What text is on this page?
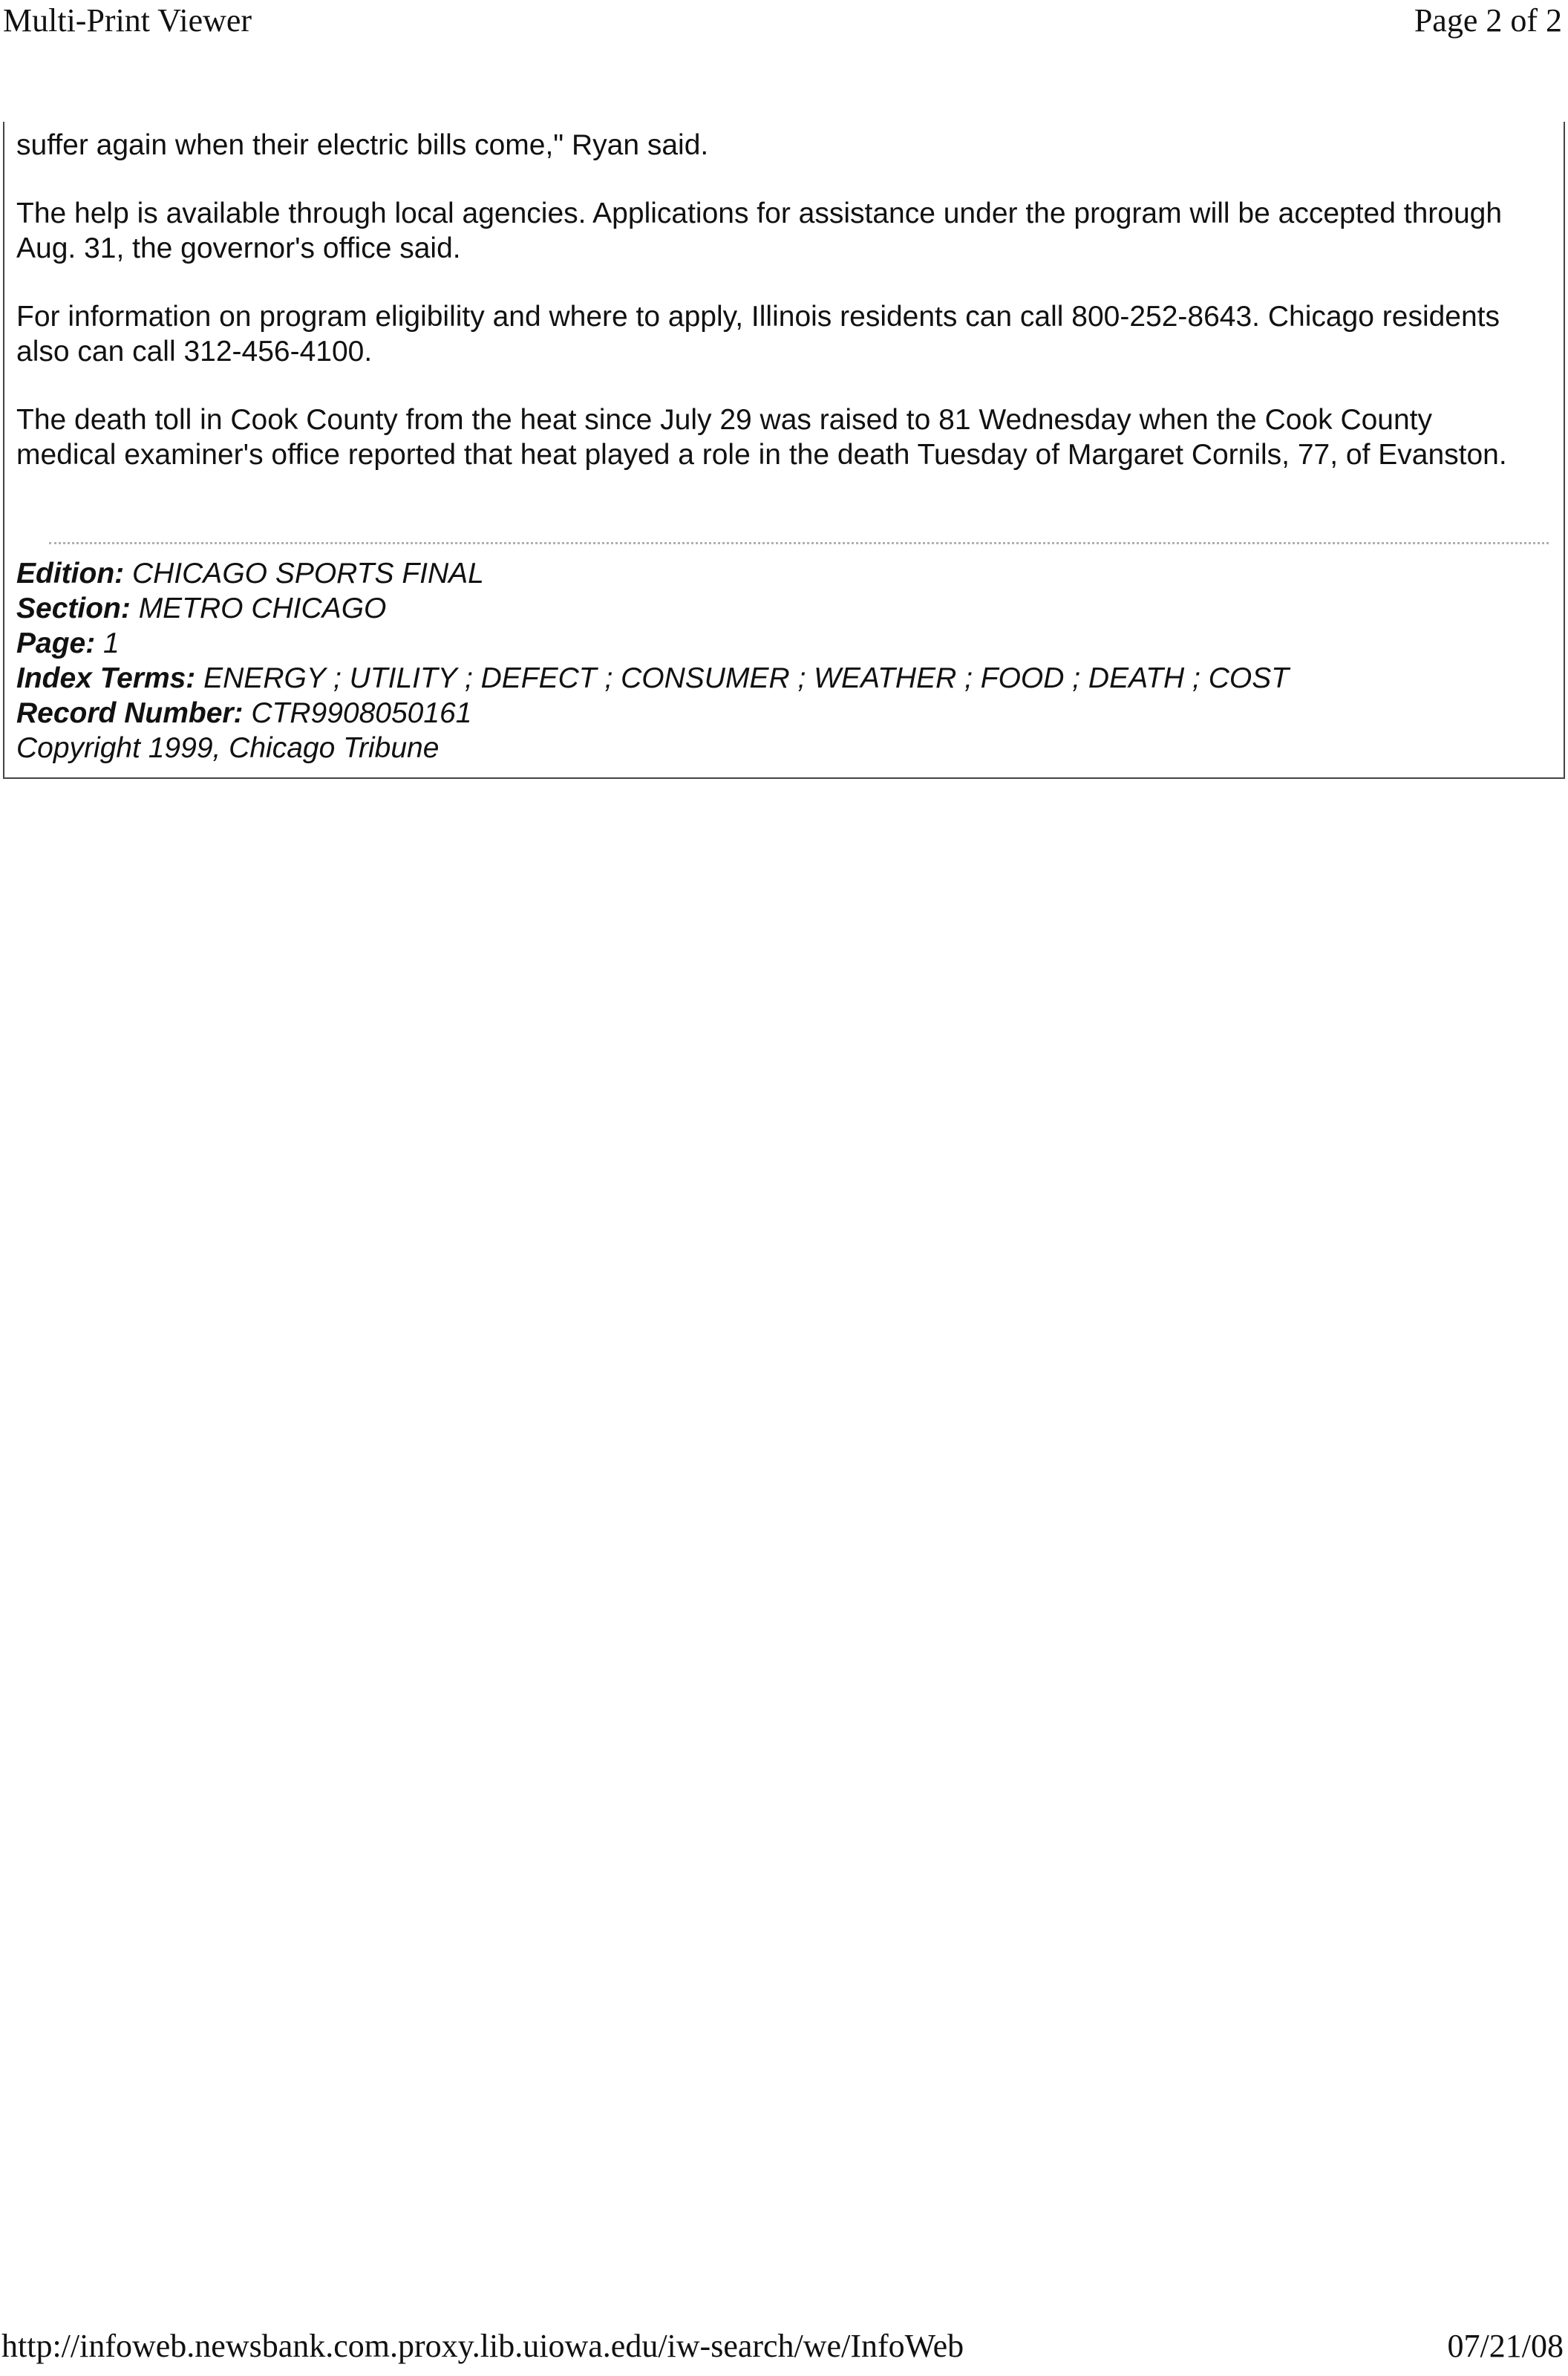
Multi-Print Viewer	Page 2 of 2

suffer again when their electric bills come," Ryan said.

The help is available through local agencies. Applications for assistance under the program will be accepted through Aug. 31, the governor's office said.

For information on program eligibility and where to apply, Illinois residents can call 800-252-8643. Chicago residents also can call 312-456-4100.

The death toll in Cook County from the heat since July 29 was raised to 81 Wednesday when the Cook County medical examiner's office reported that heat played a role in the death Tuesday of Margaret Cornils, 77, of Evanston.

Edition: CHICAGO SPORTS FINAL
Section: METRO CHICAGO
Page: 1
Index Terms: ENERGY ; UTILITY ; DEFECT ; CONSUMER ; WEATHER ; FOOD ; DEATH ; COST
Record Number: CTR9908050161
Copyright 1999, Chicago Tribune
http://infoweb.newsbank.com.proxy.lib.uiowa.edu/iw-search/we/InfoWeb	07/21/08
